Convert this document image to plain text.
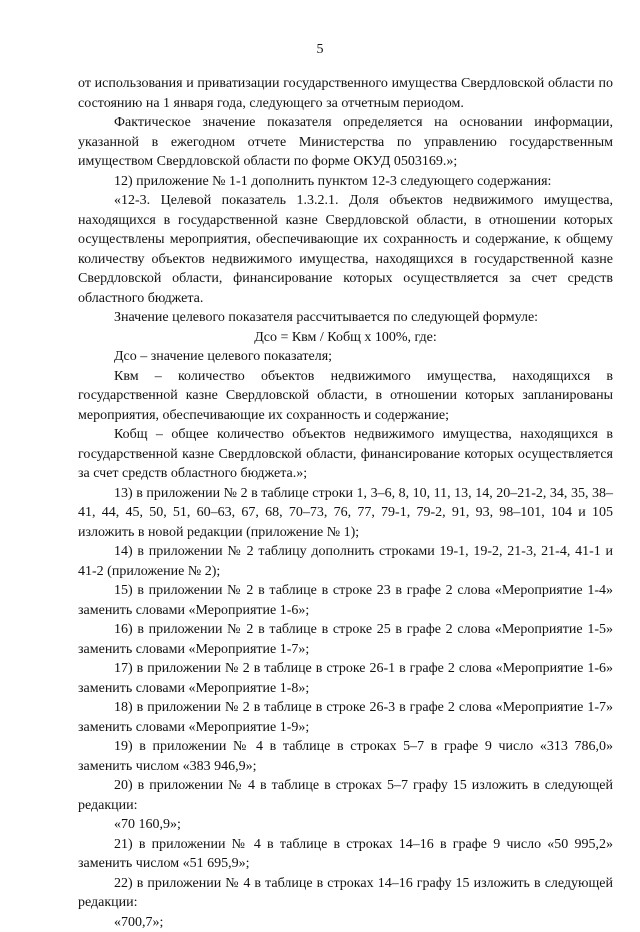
5

от использования и приватизации государственного имущества Свердловской области по состоянию на 1 января года, следующего за отчетным периодом.

Фактическое значение показателя определяется на основании информации, указанной в ежегодном отчете Министерства по управлению государственным имуществом Свердловской области по форме ОКУД 0503169.»;

12) приложение № 1-1 дополнить пунктом 12-3 следующего содержания:

«12-3. Целевой показатель 1.3.2.1. Доля объектов недвижимого имущества, находящихся в государственной казне Свердловской области, в отношении которых осуществлены мероприятия, обеспечивающие их сохранность и содержание, к общему количеству объектов недвижимого имущества, находящихся в государственной казне Свердловской области, финансирование которых осуществляется за счет средств областного бюджета.

Значение целевого показателя рассчитывается по следующей формуле:

Дсо = Квм / Кобщ x 100%, где:

Дсо – значение целевого показателя;

Квм – количество объектов недвижимого имущества, находящихся в государственной казне Свердловской области, в отношении которых запланированы мероприятия, обеспечивающие их сохранность и содержание;

Кобщ – общее количество объектов недвижимого имущества, находящихся в государственной казне Свердловской области, финансирование которых осуществляется за счет средств областного бюджета.»;

13) в приложении № 2 в таблице строки 1, 3–6, 8, 10, 11, 13, 14, 20–21-2, 34, 35, 38–41, 44, 45, 50, 51, 60–63, 67, 68, 70–73, 76, 77, 79-1, 79-2, 91, 93, 98–101, 104 и 105 изложить в новой редакции (приложение № 1);

14) в приложении № 2 таблицу дополнить строками 19-1, 19-2, 21-3, 21-4, 41-1 и 41-2 (приложение № 2);

15) в приложении № 2 в таблице в строке 23 в графе 2 слова «Мероприятие 1-4» заменить словами «Мероприятие 1-6»;

16) в приложении № 2 в таблице в строке 25 в графе 2 слова «Мероприятие 1-5» заменить словами «Мероприятие 1-7»;

17) в приложении № 2 в таблице в строке 26-1 в графе 2 слова «Мероприятие 1-6» заменить словами «Мероприятие 1-8»;

18) в приложении № 2 в таблице в строке 26-3 в графе 2 слова «Мероприятие 1-7» заменить словами «Мероприятие 1-9»;

19) в приложении № 4 в таблице в строках 5–7 в графе 9 число «313 786,0» заменить числом «383 946,9»;

20) в приложении № 4 в таблице в строках 5–7 графу 15 изложить в следующей редакции:

«70 160,9»;

21) в приложении № 4 в таблице в строках 14–16 в графе 9 число «50 995,2» заменить числом «51 695,9»;

22) в приложении № 4 в таблице в строках 14–16 графу 15 изложить в следующей редакции:

«700,7»;
